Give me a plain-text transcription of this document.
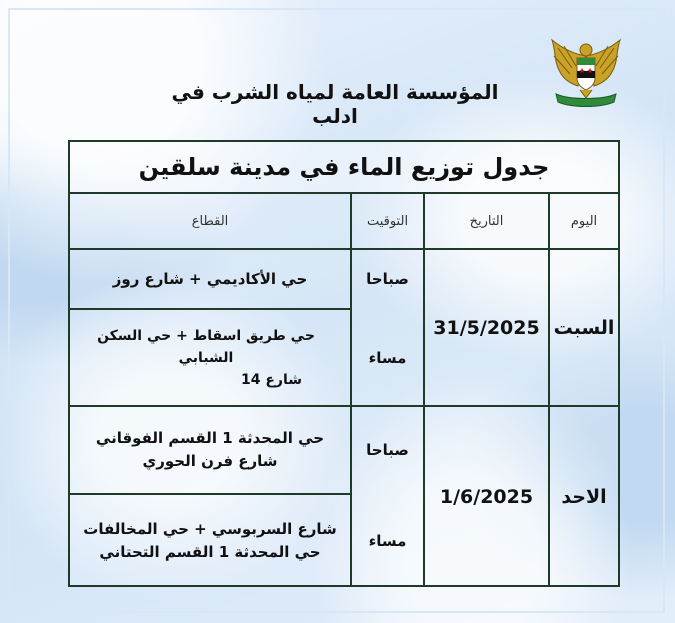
المؤسسة العامة لمياه الشرب في ادلب
جدول توزيع الماء في مدينة سلقين
اليوم
التاريخ
التوقيت
القطاع
السبت
31/5/2025
صباحا
حي الأكاديمي + شارع روز
مساء
حي طريق اسقاط + حي السكن الشبابي
شارع 14
الاحد
1/6/2025
صباحا
حي المحدثة 1 القسم الفوقاني
شارع فرن الحوري
مساء
شارع السربوسي + حي المخالفات
حي المحدثة 1 القسم التحتاني
